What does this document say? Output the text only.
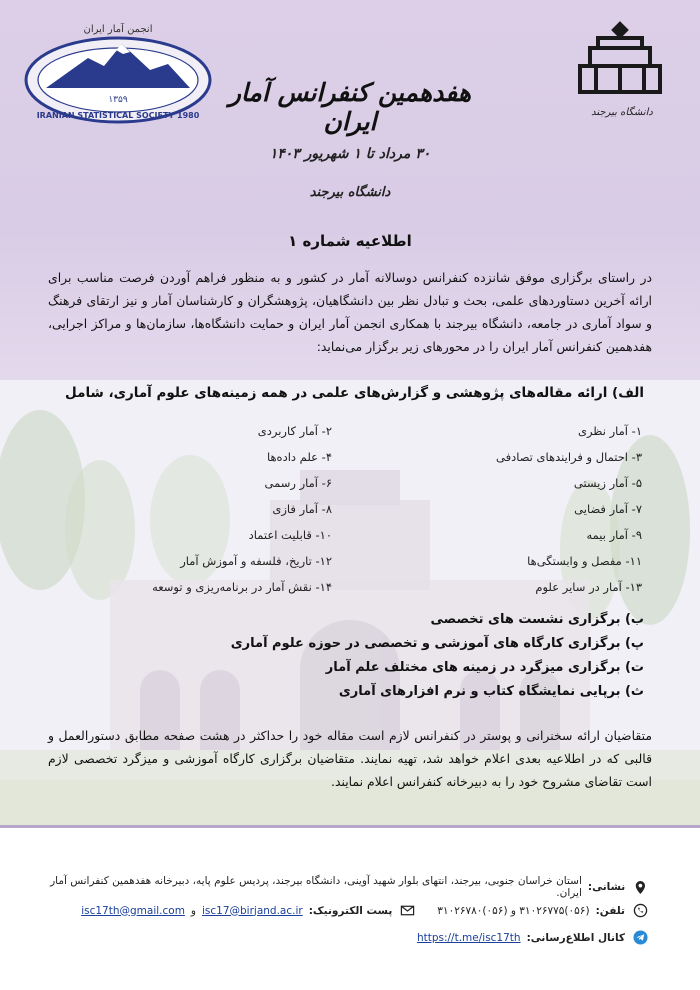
انجمن آمار ایران
۱۳۵۹
IRANIAN STATISTICAL SOCIETY 1980	دانشگاه بیرجند
هفدهمین کنفرانس آمار ایران
۳۰ مرداد تا ۱ شهریور ۱۴۰۳
دانشگاه بیرجند
اطلاعیه شماره ۱
در راستای برگزاری موفق شانزده کنفرانس دوسالانه آمار در کشور و به منظور فراهم آوردن فرصت مناسب برای ارائه آخرین دستاوردهای علمی، بحث و تبادل نظر بین دانشگاهیان، پژوهشگران و کارشناسان آمار و نیز ارتقای فرهنگ و سواد آماری در جامعه، دانشگاه بیرجند با همکاری انجمن آمار ایران و حمایت دانشگاه‌ها، سازمان‌ها و مراکز اجرایی، هفدهمین کنفرانس آمار ایران را در محورهای زیر برگزار می‌نماید:
الف) ارائه مقاله‌های پژوهشی و گزارش‌های علمی در همه زمینه‌های علوم آماری، شامل
۱- آمار نظری
۲- آمار کاربردی
۳- احتمال و فرایندهای تصادفی
۴- علم داده‌ها
۵- آمار زیستی
۶- آمار رسمی
۷- آمار فضایی
۸- آمار فازی
۹- آمار بیمه
۱۰- قابلیت اعتماد
۱۱- مفصل و وابستگی‌ها
۱۲- تاریخ، فلسفه و آموزش آمار
۱۳- آمار در سایر علوم
۱۴- نقش آمار در برنامه‌ریزی و توسعه
ب) برگزاری نشست های تخصصی
پ) برگزاری کارگاه های آموزشی و تخصصی در حوزه علوم آماری
ت) برگزاری میزگرد در زمینه های مختلف علم آمار
ث) برپایی نمایشگاه کتاب و نرم افزارهای آماری
متقاضیان ارائه سخنرانی و پوستر در کنفرانس لازم است مقاله خود را حداکثر در هشت صفحه مطابق دستورالعمل و قالبی که در اطلاعیه بعدی اعلام خواهد شد، تهیه نمایند. متقاضیان برگزاری کارگاه آموزشی و میزگرد تخصصی لازم است تقاضای مشروح خود را به دبیرخانه کنفرانس اعلام نمایند.
نشانی:
استان خراسان جنوبی، بیرجند، انتهای بلوار شهید آوینی، دانشگاه بیرجند، پردیس علوم پایه، دبیرخانه هفدهمین کنفرانس آمار ایران.
تلفن:
(۰۵۶)۳۱۰۲۶۷۷۵ و (۰۵۶)۳۱۰۲۶۷۸۰
پست الکترونیک:
isc17@birjand.ac.ir
و
isc17th@gmail.com
کانال اطلاع‌رسانی:
https://t.me/isc17th
